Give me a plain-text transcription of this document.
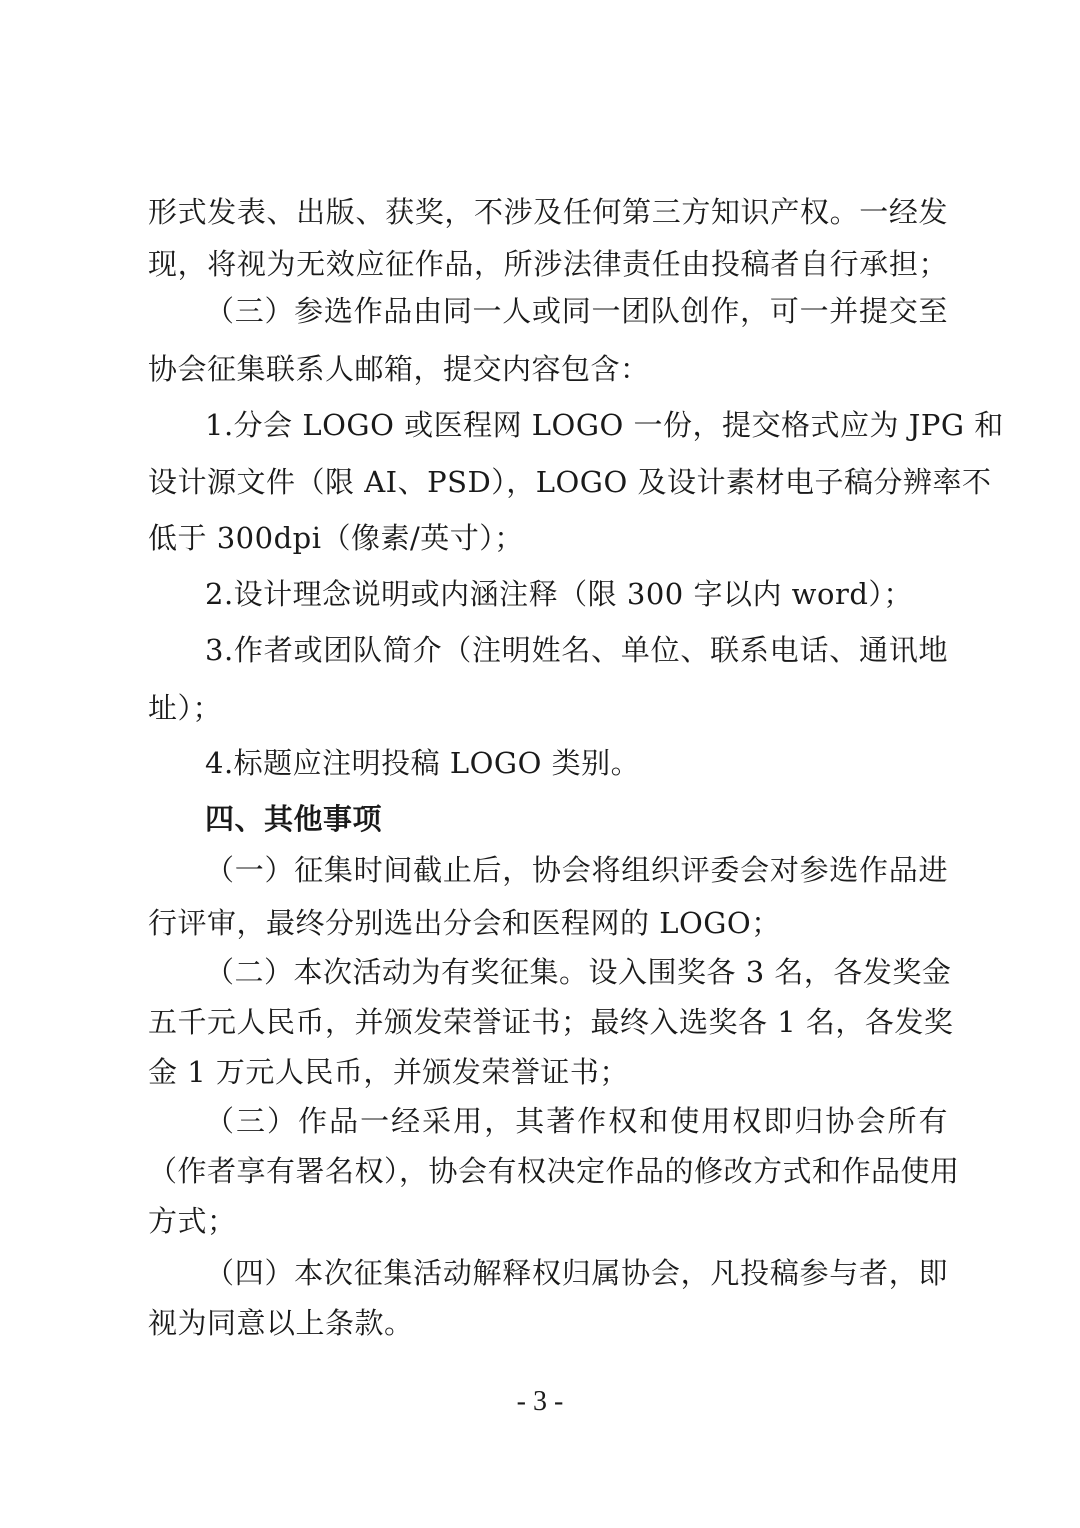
形式发表、出版、获奖，不涉及任何第三方知识产权。一经发
现，将视为无效应征作品，所涉法律责任由投稿者自行承担；
（三）参选作品由同一人或同一团队创作，可一并提交至
协会征集联系人邮箱，提交内容包含：
1.分会 LOGO 或医程网 LOGO 一份，提交格式应为 JPG 和
设计源文件（限 AI、PSD），LOGO 及设计素材电子稿分辨率不
低于 300dpi（像素/英寸）；
2.设计理念说明或内涵注释（限 300 字以内 word）；
3.作者或团队简介（注明姓名、单位、联系电话、通讯地
址）；
4.标题应注明投稿 LOGO 类别。
四、其他事项
（一）征集时间截止后，协会将组织评委会对参选作品进
行评审，最终分别选出分会和医程网的 LOGO；
（二）本次活动为有奖征集。设入围奖各 3 名，各发奖金
五千元人民币，并颁发荣誉证书；最终入选奖各 1 名，各发奖
金 1 万元人民币，并颁发荣誉证书；
（三）作品一经采用，其著作权和使用权即归协会所有
（作者享有署名权），协会有权决定作品的修改方式和作品使用
方式；
（四）本次征集活动解释权归属协会，凡投稿参与者，即
视为同意以上条款。
- 3 -
